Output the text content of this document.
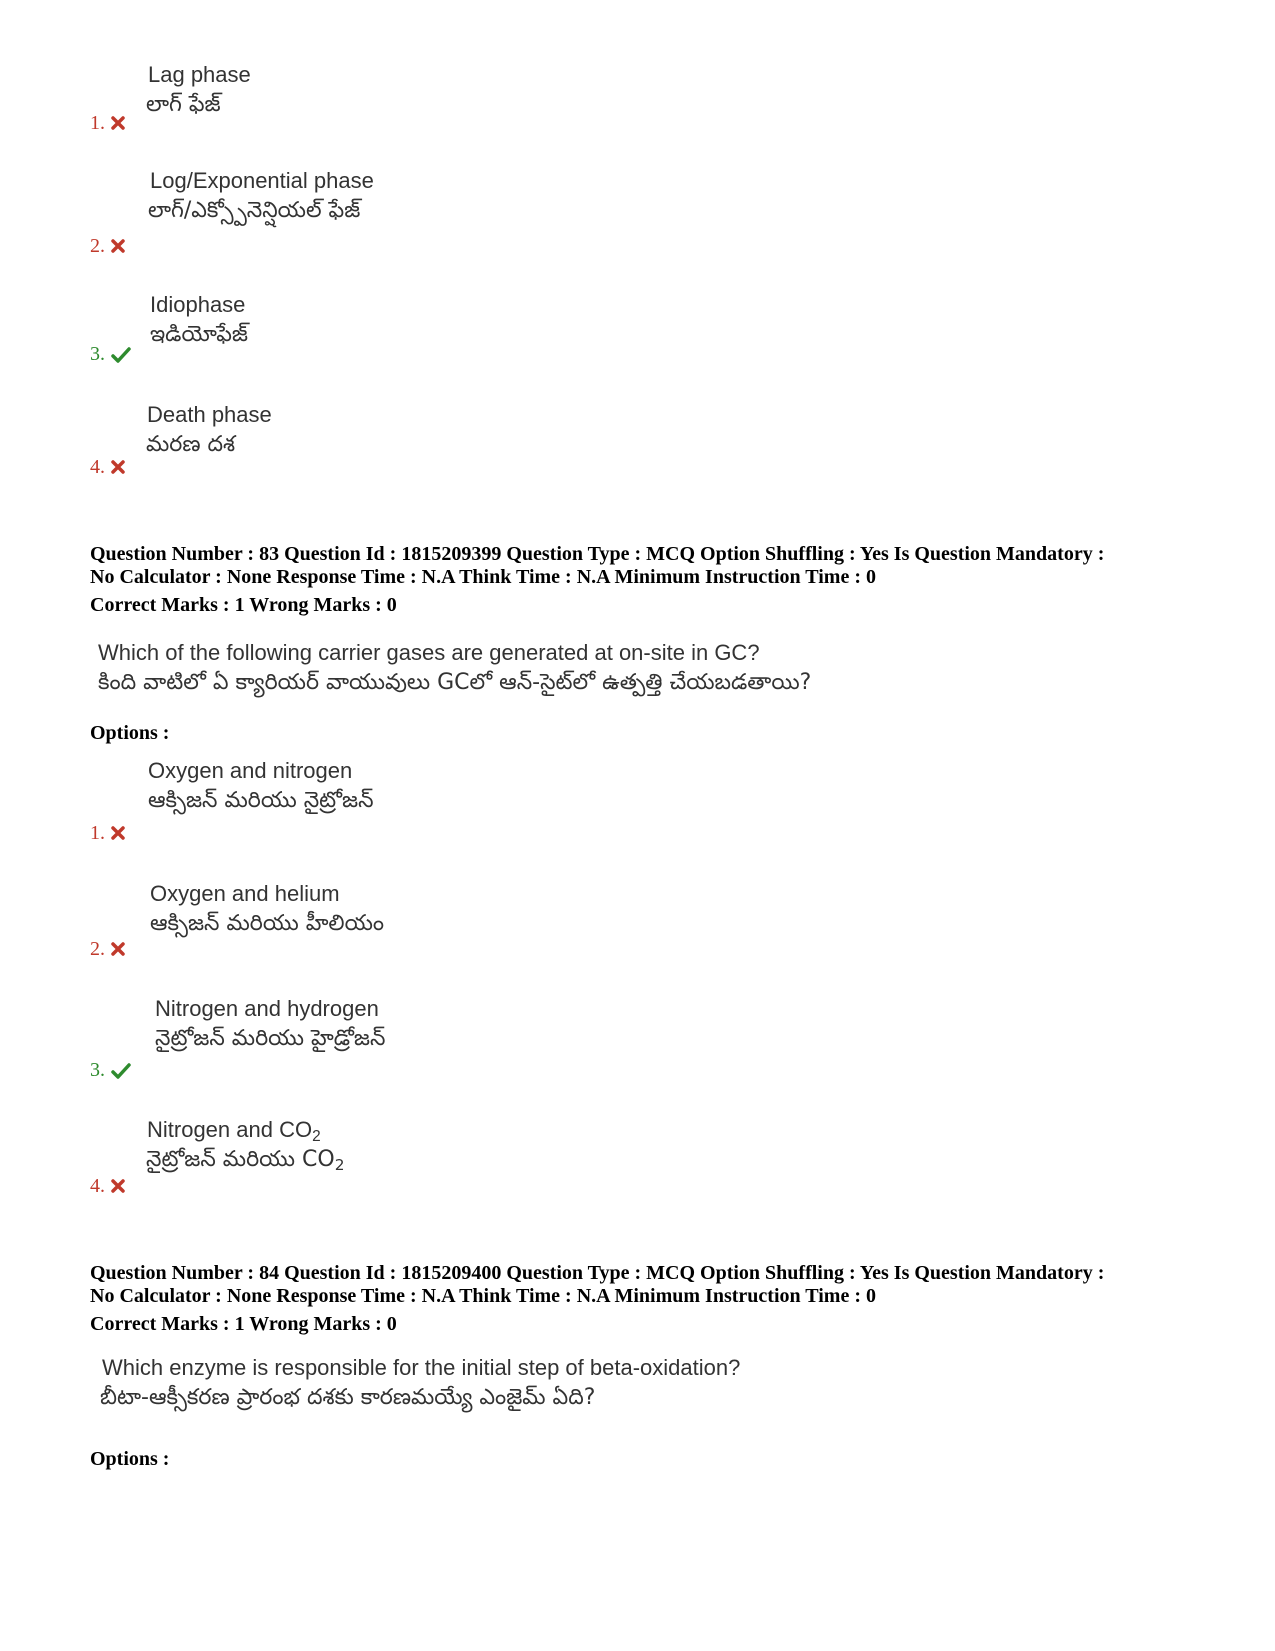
Lag phase
లాగ్ ఫేజ్
1.
Log/Exponential phase
లాగ్/ఎక్స్పోనెన్షియల్ ఫేజ్
2.
Idiophase
ఇడియోఫేజ్
3.
Death phase
మరణ దశ
4.
Question Number : 83 Question Id : 1815209399 Question Type : MCQ Option Shuffling : Yes Is Question Mandatory :
No Calculator : None Response Time : N.A Think Time : N.A Minimum Instruction Time : 0
Correct Marks : 1 Wrong Marks : 0
Which of the following carrier gases are generated at on-site in GC?
కింది వాటిలో ఏ క్యారియర్ వాయువులు GCలో ఆన్-సైట్‌లో ఉత్పత్తి చేయబడతాయి?
Options :
Oxygen and nitrogen
ఆక్సిజన్ మరియు నైట్రోజన్
1.
Oxygen and helium
ఆక్సిజన్ మరియు హీలియం
2.
Nitrogen and hydrogen
నైట్రోజన్ మరియు హైడ్రోజన్
3.
Nitrogen and $CO_2$
నైట్రోజన్ మరియు $CO_2$
4.
Question Number : 84 Question Id : 1815209400 Question Type : MCQ Option Shuffling : Yes Is Question Mandatory :
No Calculator : None Response Time : N.A Think Time : N.A Minimum Instruction Time : 0
Correct Marks : 1 Wrong Marks : 0
Which enzyme is responsible for the initial step of beta-oxidation?
బీటా-ఆక్సీకరణ ప్రారంభ దశకు కారణమయ్యే ఎంజైమ్ ఏది?
Options :
